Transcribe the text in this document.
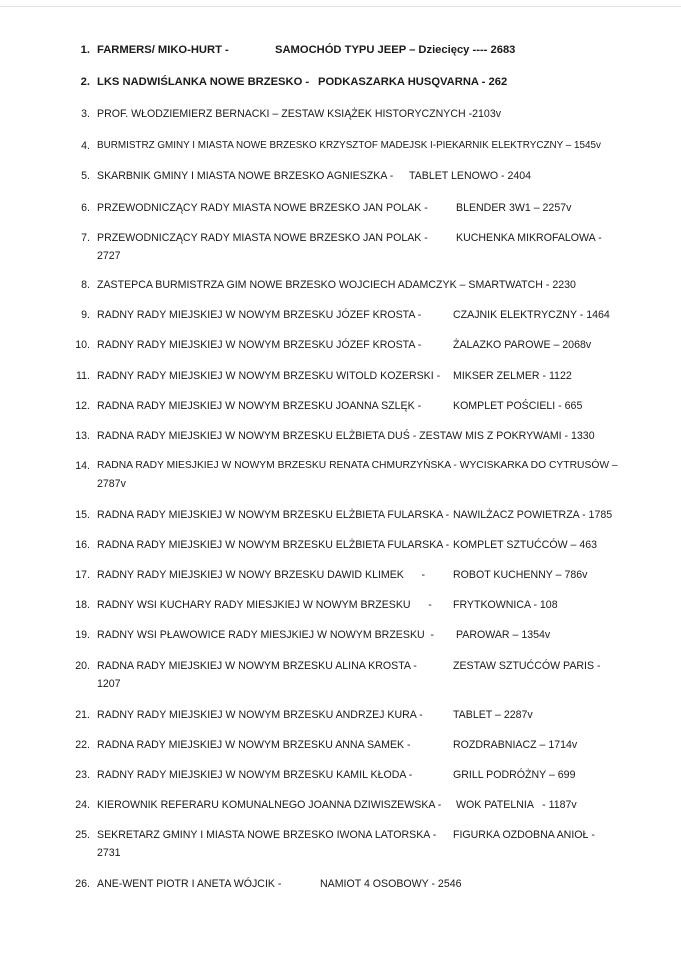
1. FARMERS/ MIKO-HURT -	SAMOCHÓD TYPU JEEP – Dziecięcy ---- 2683
2. LKS NADWIŚLANKA NOWE BRZESKO - PODKASZARKA HUSQVARNA - 262
3. PROF. WŁODZIEMIERZ BERNACKI – ZESTAW KSIĄŻEK HISTORYCZNYCH -2103v
4. BURMISTRZ GMINY I MIASTA NOWE BRZESKO KRZYSZTOF MADEJSK I-PIEKARNIK ELEKTRYCZNY – 1545v
5. SKARBNIK GMINY I MIASTA NOWE BRZESKO AGNIESZKA - TABLET LENOWO - 2404
6. PRZEWODNICZĄCY RADY MIASTA NOWE BRZESKO JAN POLAK -	BLENDER 3W1 – 2257v
7. PRZEWODNICZĄCY RADY MIASTA NOWE BRZESKO JAN POLAK -	KUCHENKA MIKROFALOWA -
2727
8. ZASTEPCA BURMISTRZA GIM NOWE BRZESKO WOJCIECH ADAMCZYK – SMARTWATCH - 2230
9. RADNY RADY MIEJSKIEJ W NOWYM BRZESKU JÓZEF KROSTA -	CZAJNIK ELEKTRYCZNY - 1464
10. RADNY RADY MIEJSKIEJ W NOWYM BRZESKU JÓZEF KROSTA -	ŻALAZKO PAROWE – 2068v
11. RADNY RADY MIEJSKIEJ W NOWYM BRZESKU WITOLD KOZERSKI - MIKSER ZELMER - 1122
12. RADNA RADY MIEJSKIEJ W NOWYM BRZESKU JOANNA SZLĘK -	KOMPLET POŚCIELI - 665
13. RADNA RADY MIEJSKIEJ W NOWYM BRZESKU ELŻBIETA DUŚ - ZESTAW MIS Z POKRYWAMI - 1330
14. RADNA RADY MIESJKIEJ W NOWYM BRZESKU RENATA CHMURZYŃSKA - WYCISKARKA DO CYTRUSÓW –
2787v
15. RADNA RADY MIEJSKIEJ W NOWYM BRZESKU ELŻBIETA FULARSKA - NAWILŻACZ POWIETRZA - 1785
16. RADNA RADY MIEJSKIEJ W NOWYM BRZESKU ELŻBIETA FULARSKA - KOMPLET SZTUĆCÓW – 463
17. RADNY RADY MIEJSKIEJ W NOWY BRZESKU DAWID KLIMEK      -	ROBOT KUCHENNY – 786v
18. RADNY WSI KUCHARY RADY MIESJKIEJ W NOWYM BRZESKU      - FRYTKOWNICA - 108
19. RADNY WSI PŁAWOWICE RADY MIESJKIEJ W NOWYM BRZESKU  - PAROWAR – 1354v
20. RADNA RADY MIEJSKIEJ W NOWYM BRZESKU ALINA KROSTA -	ZESTAW SZTUĆCÓW PARIS -
1207
21. RADNY RADY MIEJSKIEJ W NOWYM BRZESKU ANDRZEJ KURA -	TABLET – 2287v
22. RADNA RADY MIEJSKIEJ W NOWYM BRZESKU ANNA SAMEK -	ROZDRABNIACZ – 1714v
23. RADNY RADY MIEJSKIEJ W NOWYM BRZESKU KAMIL KŁODA -	GRILL PODRÓŻNY – 699
24. KIEROWNIK REFERARU KOMUNALNEGO JOANNA DZIWISZEWSKA - WOK PATELNIA   - 1187v
25. SEKRETARZ GMINY I MIASTA NOWE BRZESKO IWONA LATORSKA - FIGURKA OZDOBNA ANIOŁ -
2731
26. ANE-WENT PIOTR I ANETA WÓJCIK -	NAMIOT 4 OSOBOWY - 2546
